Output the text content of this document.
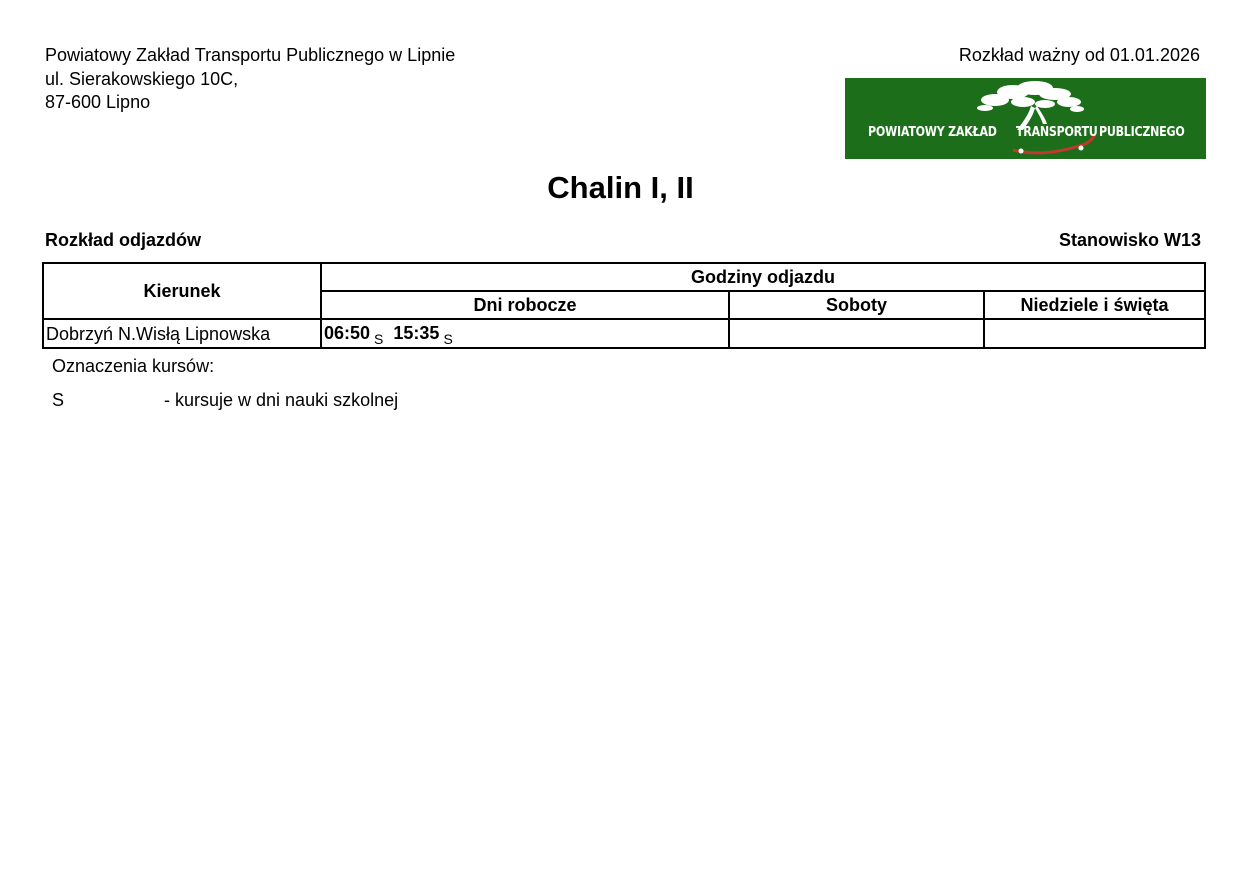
Powiatowy Zakład Transportu Publicznego w Lipnie
ul. Sierakowskiego 10C,
87-600 Lipno
Rozkład ważny od 01.01.2026
POWIATOWY ZAKŁAD TRANSPORTU PUBLICZNEGO
Chalin I, II
Rozkład odjazdów	Stanowisko W13
Kierunek	Godziny odjazdu		
	Dni robocze	Soboty	Niedziele i święta
Dobrzyń N.Wisłą Lipnowska	06:50 $_S$ 15:35 $_S$		
Oznaczenia kursów:
S	- kursuje w dni nauki szkolnej
